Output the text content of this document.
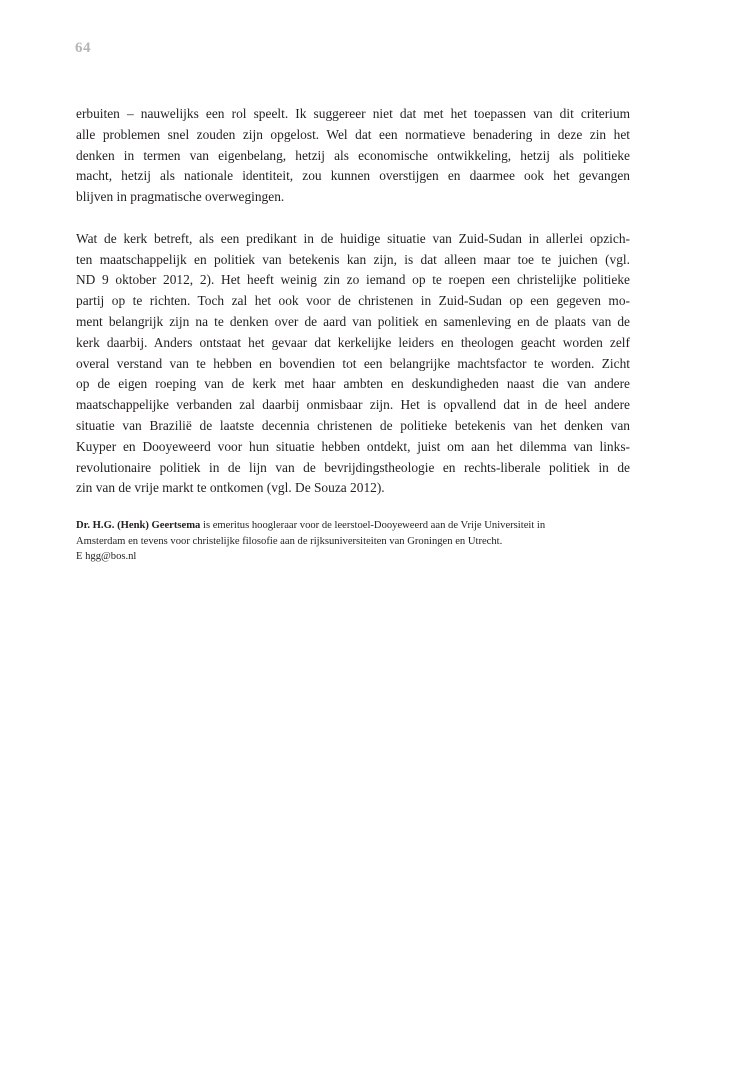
64
erbuiten – nauwelijks een rol speelt. Ik suggereer niet dat met het toepassen van dit criterium
alle problemen snel zouden zijn opgelost. Wel dat een normatieve benadering in deze zin het
denken in termen van eigenbelang, hetzij als economische ontwikkeling, hetzij als politieke
macht, hetzij als nationale identiteit, zou kunnen overstijgen en daarmee ook het gevangen
blijven in pragmatische overwegingen.
Wat de kerk betreft, als een predikant in de huidige situatie van Zuid-Sudan in allerlei opzich-
ten maatschappelijk en politiek van betekenis kan zijn, is dat alleen maar toe te juichen (vgl.
ND 9 oktober 2012, 2). Het heeft weinig zin zo iemand op te roepen een christelijke politieke
partij op te richten. Toch zal het ook voor de christenen in Zuid-Sudan op een gegeven mo-
ment belangrijk zijn na te denken over de aard van politiek en samenleving en de plaats van de
kerk daarbij. Anders ontstaat het gevaar dat kerkelijke leiders en theologen geacht worden zelf
overal verstand van te hebben en bovendien tot een belangrijke machtsfactor te worden. Zicht
op de eigen roeping van de kerk met haar ambten en deskundigheden naast die van andere
maatschappelijke verbanden zal daarbij onmisbaar zijn. Het is opvallend dat in de heel andere
situatie van Brazilië de laatste decennia christenen de politieke betekenis van het denken van
Kuyper en Dooyeweerd voor hun situatie hebben ontdekt, juist om aan het dilemma van links-
revolutionaire politiek in de lijn van de bevrijdingstheologie en rechts-liberale politiek in de
zin van de vrije markt te ontkomen (vgl. De Souza 2012).
Dr. H.G. (Henk) Geertsema is emeritus hoogleraar voor de leerstoel-Dooyeweerd aan de Vrije Universiteit in
Amsterdam en tevens voor christelijke filosofie aan de rijksuniversiteiten van Groningen en Utrecht.
E hgg@bos.nl
